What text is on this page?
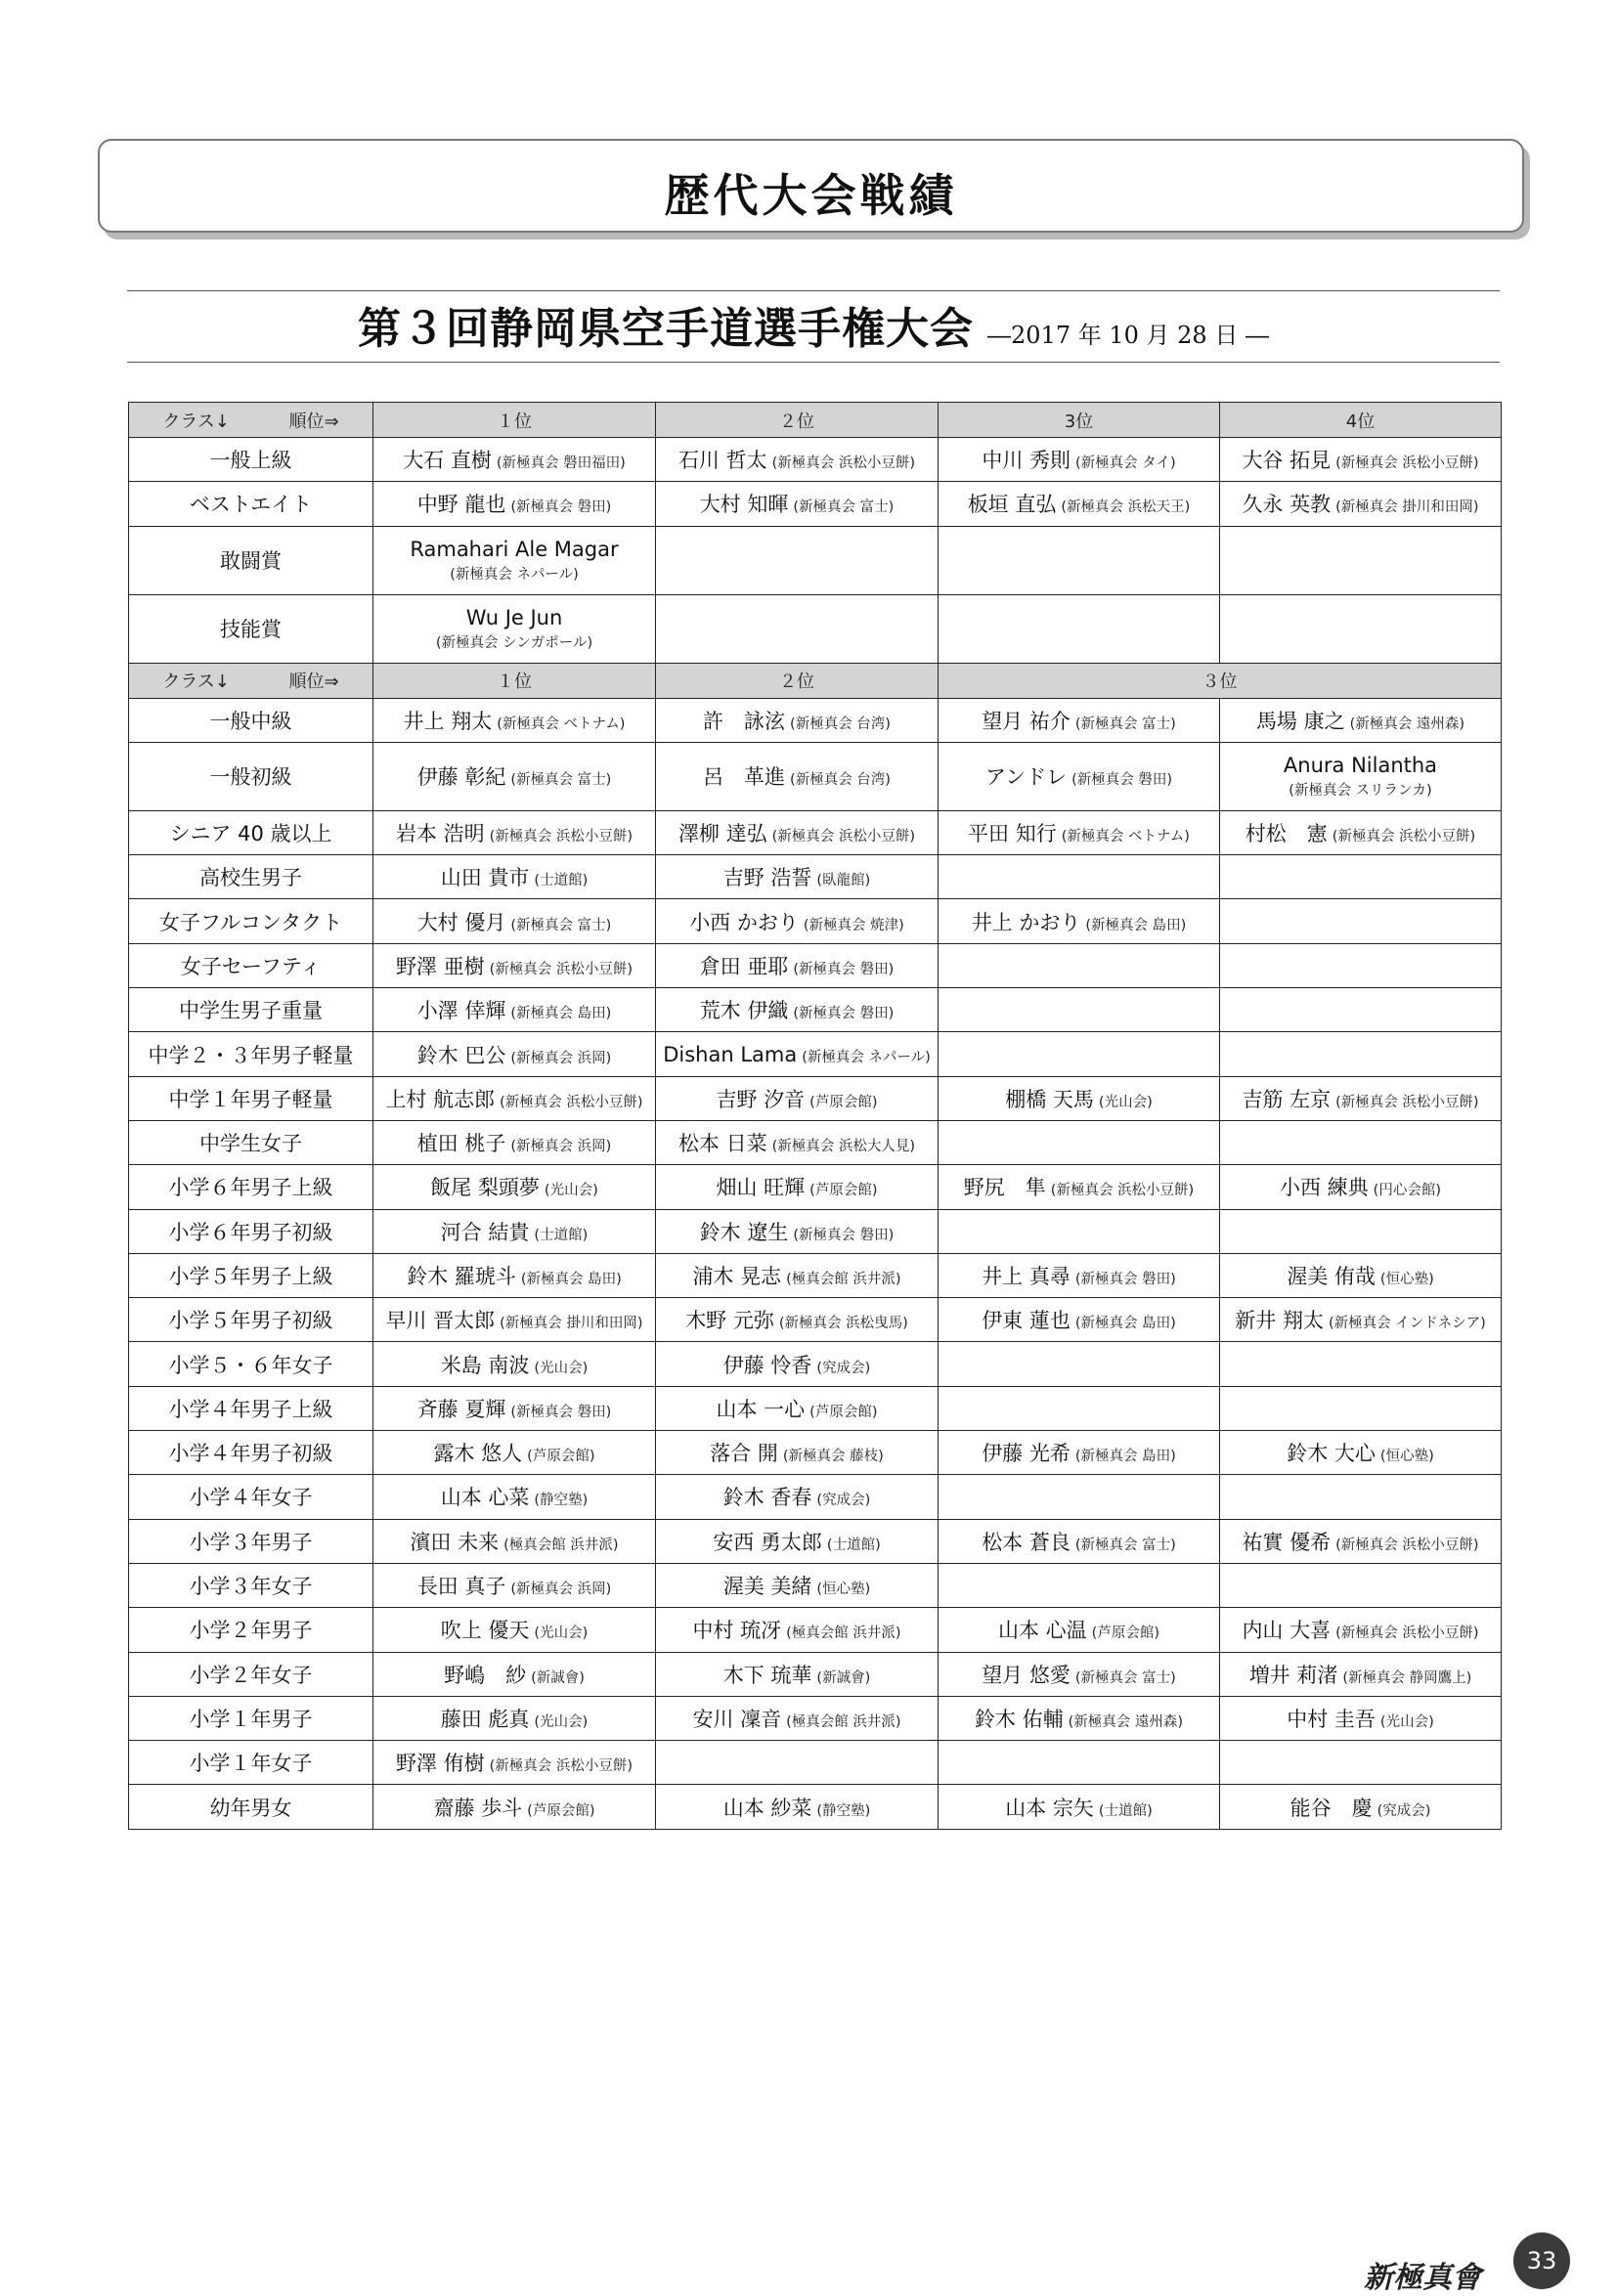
歴代大会戦績
第３回静岡県空手道選手権大会 ―2017 年 10 月 28 日 ―
クラス↓ 順位⇒	１位	２位	3位	4位
一般上級	大石 直樹 (新極真会 磐田福田)	石川 哲太 (新極真会 浜松小豆餅)	中川 秀則 (新極真会 タイ)	大谷 拓見 (新極真会 浜松小豆餅)
ベストエイト	中野 龍也 (新極真会 磐田)	大村 知暉 (新極真会 富士)	板垣 直弘 (新極真会 浜松天王)	久永 英教 (新極真会 掛川和田岡)
敢闘賞	Ramahari Ale Magar
(新極真会 ネパール)			

技能賞	Wu Je Jun
(新極真会 シンガポール)			

クラス↓ 順位⇒	１位	２位	３位	
一般中級	井上 翔太 (新極真会 ベトナム)	許　詠泫 (新極真会 台湾)	望月 祐介 (新極真会 富士)	馬場 康之 (新極真会 遠州森)
一般初級	伊藤 彰紀 (新極真会 富士)	呂　革進 (新極真会 台湾)	アンドレ (新極真会 磐田)	Anura Nilantha
(新極真会 スリランカ)

シニア 40 歳以上	岩本 浩明 (新極真会 浜松小豆餅)	澤柳 達弘 (新極真会 浜松小豆餅)	平田 知行 (新極真会 ベトナム)	村松　憲 (新極真会 浜松小豆餅)
高校生男子	山田 貴市 (士道館)	吉野 浩誓 (臥龍館)		
女子フルコンタクト	大村 優月 (新極真会 富士)	小西 かおり (新極真会 焼津)	井上 かおり (新極真会 島田)	
女子セーフティ	野澤 亜樹 (新極真会 浜松小豆餅)	倉田 亜耶 (新極真会 磐田)		
中学生男子重量	小澤 倖輝 (新極真会 島田)	荒木 伊織 (新極真会 磐田)		
中学２・３年男子軽量	鈴木 巴公 (新極真会 浜岡)	Dishan Lama (新極真会 ネパール)		
中学１年男子軽量	上村 航志郎 (新極真会 浜松小豆餅)	吉野 汐音 (芦原会館)	棚橋 天馬 (光山会)	吉筋 左京 (新極真会 浜松小豆餅)
中学生女子	植田 桃子 (新極真会 浜岡)	松本 日菜 (新極真会 浜松大人見)		
小学６年男子上級	飯尾 梨頭夢 (光山会)	畑山 旺輝 (芦原会館)	野尻　隼 (新極真会 浜松小豆餅)	小西 練典 (円心会館)
小学６年男子初級	河合 結貴 (士道館)	鈴木 遼生 (新極真会 磐田)		
小学５年男子上級	鈴木 羅琥斗 (新極真会 島田)	浦木 晃志 (極真会館 浜井派)	井上 真尋 (新極真会 磐田)	渥美 侑哉 (恒心塾)
小学５年男子初級	早川 晋太郎 (新極真会 掛川和田岡)	木野 元弥 (新極真会 浜松曳馬)	伊東 蓮也 (新極真会 島田)	新井 翔太 (新極真会 インドネシア)
小学５・６年女子	米島 南波 (光山会)	伊藤 怜香 (究成会)		
小学４年男子上級	斉藤 夏輝 (新極真会 磐田)	山本 一心 (芦原会館)		
小学４年男子初級	露木 悠人 (芦原会館)	落合 開 (新極真会 藤枝)	伊藤 光希 (新極真会 島田)	鈴木 大心 (恒心塾)
小学４年女子	山本 心菜 (静空塾)	鈴木 香春 (究成会)		
小学３年男子	濱田 未来 (極真会館 浜井派)	安西 勇太郎 (士道館)	松本 蒼良 (新極真会 富士)	祐實 優希 (新極真会 浜松小豆餅)
小学３年女子	長田 真子 (新極真会 浜岡)	渥美 美緒 (恒心塾)		
小学２年男子	吹上 優天 (光山会)	中村 琉冴 (極真会館 浜井派)	山本 心温 (芦原会館)	内山 大喜 (新極真会 浜松小豆餅)
小学２年女子	野嶋　紗 (新誠會)	木下 琉華 (新誠會)	望月 悠愛 (新極真会 富士)	増井 莉渚 (新極真会 静岡鷹上)
小学１年男子	藤田 彪真 (光山会)	安川 凜音 (極真会館 浜井派)	鈴木 佑輔 (新極真会 遠州森)	中村 圭吾 (光山会)
小学１年女子	野澤 侑樹 (新極真会 浜松小豆餅)			
幼年男女	齋藤 歩斗 (芦原会館)	山本 紗菜 (静空塾)	山本 宗矢 (士道館)	能谷　慶 (究成会)
新極真會	33
